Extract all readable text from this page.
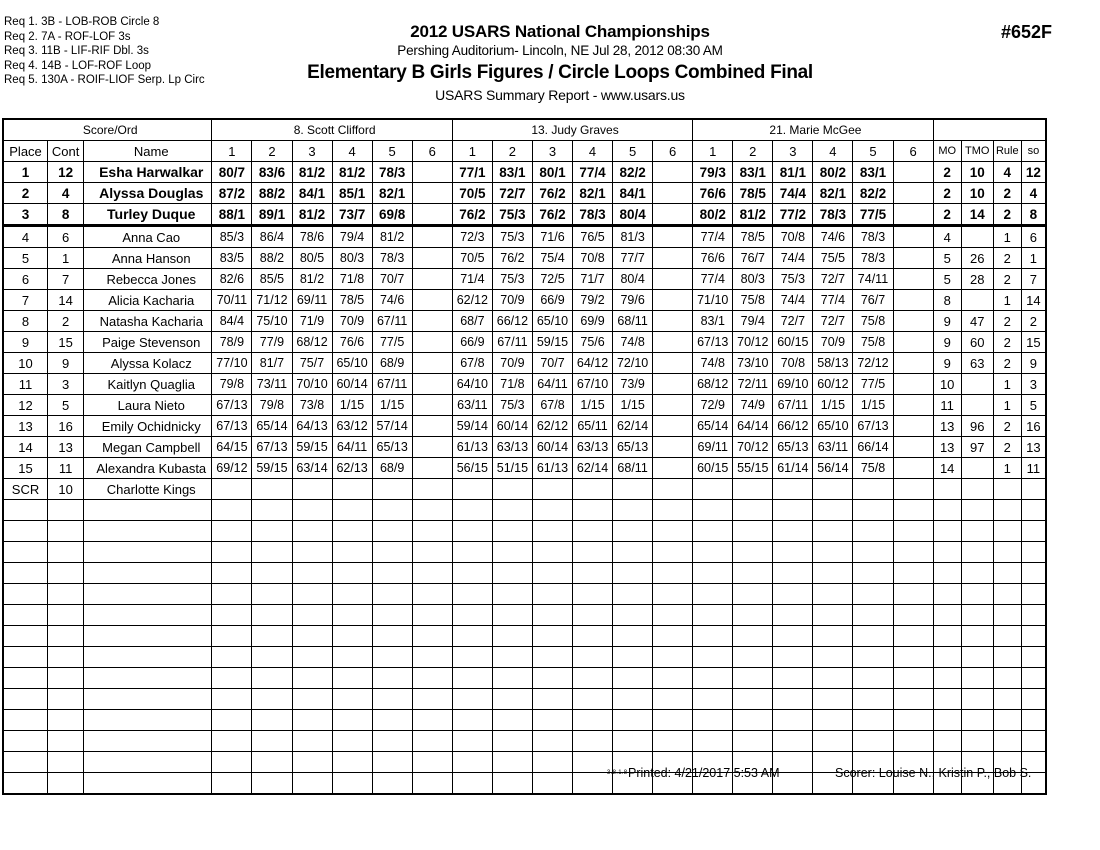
Req 1. 3B - LOB-ROB Circle 8
Req 2. 7A - ROF-LOF 3s
Req 3. 11B - LIF-RIF Dbl. 3s
Req 4. 14B - LOF-ROF Loop
Req 5. 130A - ROIF-LIOF Serp. Lp Circ
2012 USARS National Championships
Pershing Auditorium- Lincoln, NE Jul 28, 2012 08:30 AM
Elementary B Girls Figures / Circle Loops Combined Final
USARS Summary Report - www.usars.us
#652F
Score/Ord			8. Scott Clifford						13. Judy Graves						21. Marie McGee									
Place	Cont	Name	1	2	3	4	5	6	1	2	3	4	5	6	1	2	3	4	5	6	MO	TMO	Rule	so
1	12	Esha Harwalkar	80/7	83/6	81/2	81/2	78/3		77/1	83/1	80/1	77/4	82/2		79/3	83/1	81/1	80/2	83/1		2	10	4	12
2	4	Alyssa Douglas	87/2	88/2	84/1	85/1	82/1		70/5	72/7	76/2	82/1	84/1		76/6	78/5	74/4	82/1	82/2		2	10	2	4
3	8	Turley Duque	88/1	89/1	81/2	73/7	69/8		76/2	75/3	76/2	78/3	80/4		80/2	81/2	77/2	78/3	77/5		2	14	2	8
4	6	Anna Cao	85/3	86/4	78/6	79/4	81/2		72/3	75/3	71/6	76/5	81/3		77/4	78/5	70/8	74/6	78/3		4		1	6
5	1	Anna Hanson	83/5	88/2	80/5	80/3	78/3		70/5	76/2	75/4	70/8	77/7		76/6	76/7	74/4	75/5	78/3		5	26	2	1
6	7	Rebecca Jones	82/6	85/5	81/2	71/8	70/7		71/4	75/3	72/5	71/7	80/4		77/4	80/3	75/3	72/7	74/11		5	28	2	7
7	14	Alicia Kacharia	70/11	71/12	69/11	78/5	74/6		62/12	70/9	66/9	79/2	79/6		71/10	75/8	74/4	77/4	76/7		8		1	14
8	2	Natasha Kacharia	84/4	75/10	71/9	70/9	67/11		68/7	66/12	65/10	69/9	68/11		83/1	79/4	72/7	72/7	75/8		9	47	2	2
9	15	Paige Stevenson	78/9	77/9	68/12	76/6	77/5		66/9	67/11	59/15	75/6	74/8		67/13	70/12	60/15	70/9	75/8		9	60	2	15
10	9	Alyssa Kolacz	77/10	81/7	75/7	65/10	68/9		67/8	70/9	70/7	64/12	72/10		74/8	73/10	70/8	58/13	72/12		9	63	2	9
11	3	Kaitlyn Quaglia	79/8	73/11	70/10	60/14	67/11		64/10	71/8	64/11	67/10	73/9		68/12	72/11	69/10	60/12	77/5		10		1	3
12	5	Laura Nieto	67/13	79/8	73/8	1/15	1/15		63/11	75/3	67/8	1/15	1/15		72/9	74/9	67/11	1/15	1/15		11		1	5
13	16	Emily Ochidnicky	67/13	65/14	64/13	63/12	57/14		59/14	60/14	62/12	65/11	62/14		65/14	64/14	66/12	65/10	67/13		13	96	2	16
14	13	Megan Campbell	64/15	67/13	59/15	64/11	65/13		61/13	63/13	60/14	63/13	65/13		69/11	70/12	65/13	63/11	66/14		13	97	2	13
15	11	Alexandra Kubasta	69/12	59/15	63/14	62/13	68/9		56/15	51/15	61/13	62/14	68/11		60/15	55/15	61/14	56/14	75/8		14		1	11
SCR	10	Charlotte Kings																						

3.8.1.8 Printed: 4/21/2017 5:53 AM	Scorer: Louise N., Kristin P., Bob S.
